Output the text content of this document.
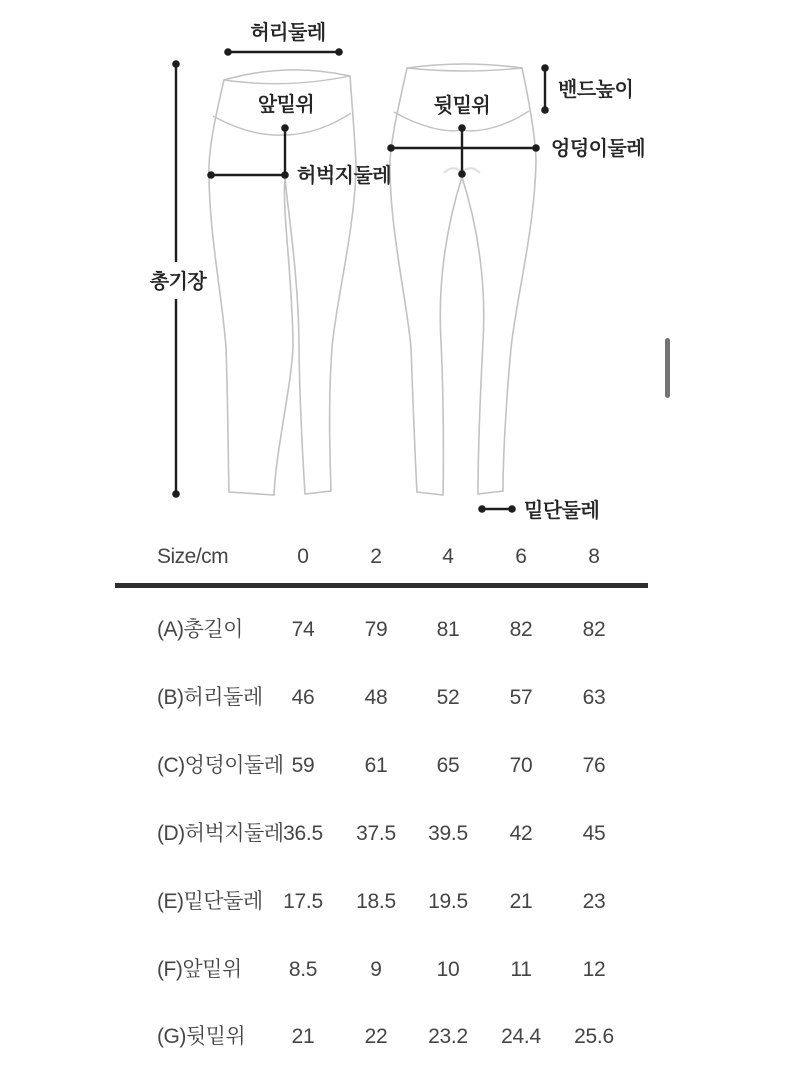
허리둘레
앞밑위	뒷밑위
밴드높이
엉덩이둘레
허벅지둘레
총기장
밑단둘레
Size/cm	0	2	4	6	8
(A)총길이	74	79	81	82	82
(B)허리둘레	46	48	52	57	63
(C)엉덩이둘레 59	61	65	70	76
(D)허벅지둘레 36.5	37.5	39.5	42	45
(E)밑단둘레 17.5	18.5	19.5	21	23
(F)앞밑위	8.5	9	10	11	12
(G)뒷밑위	21	22	23.2	24.4	25.6
